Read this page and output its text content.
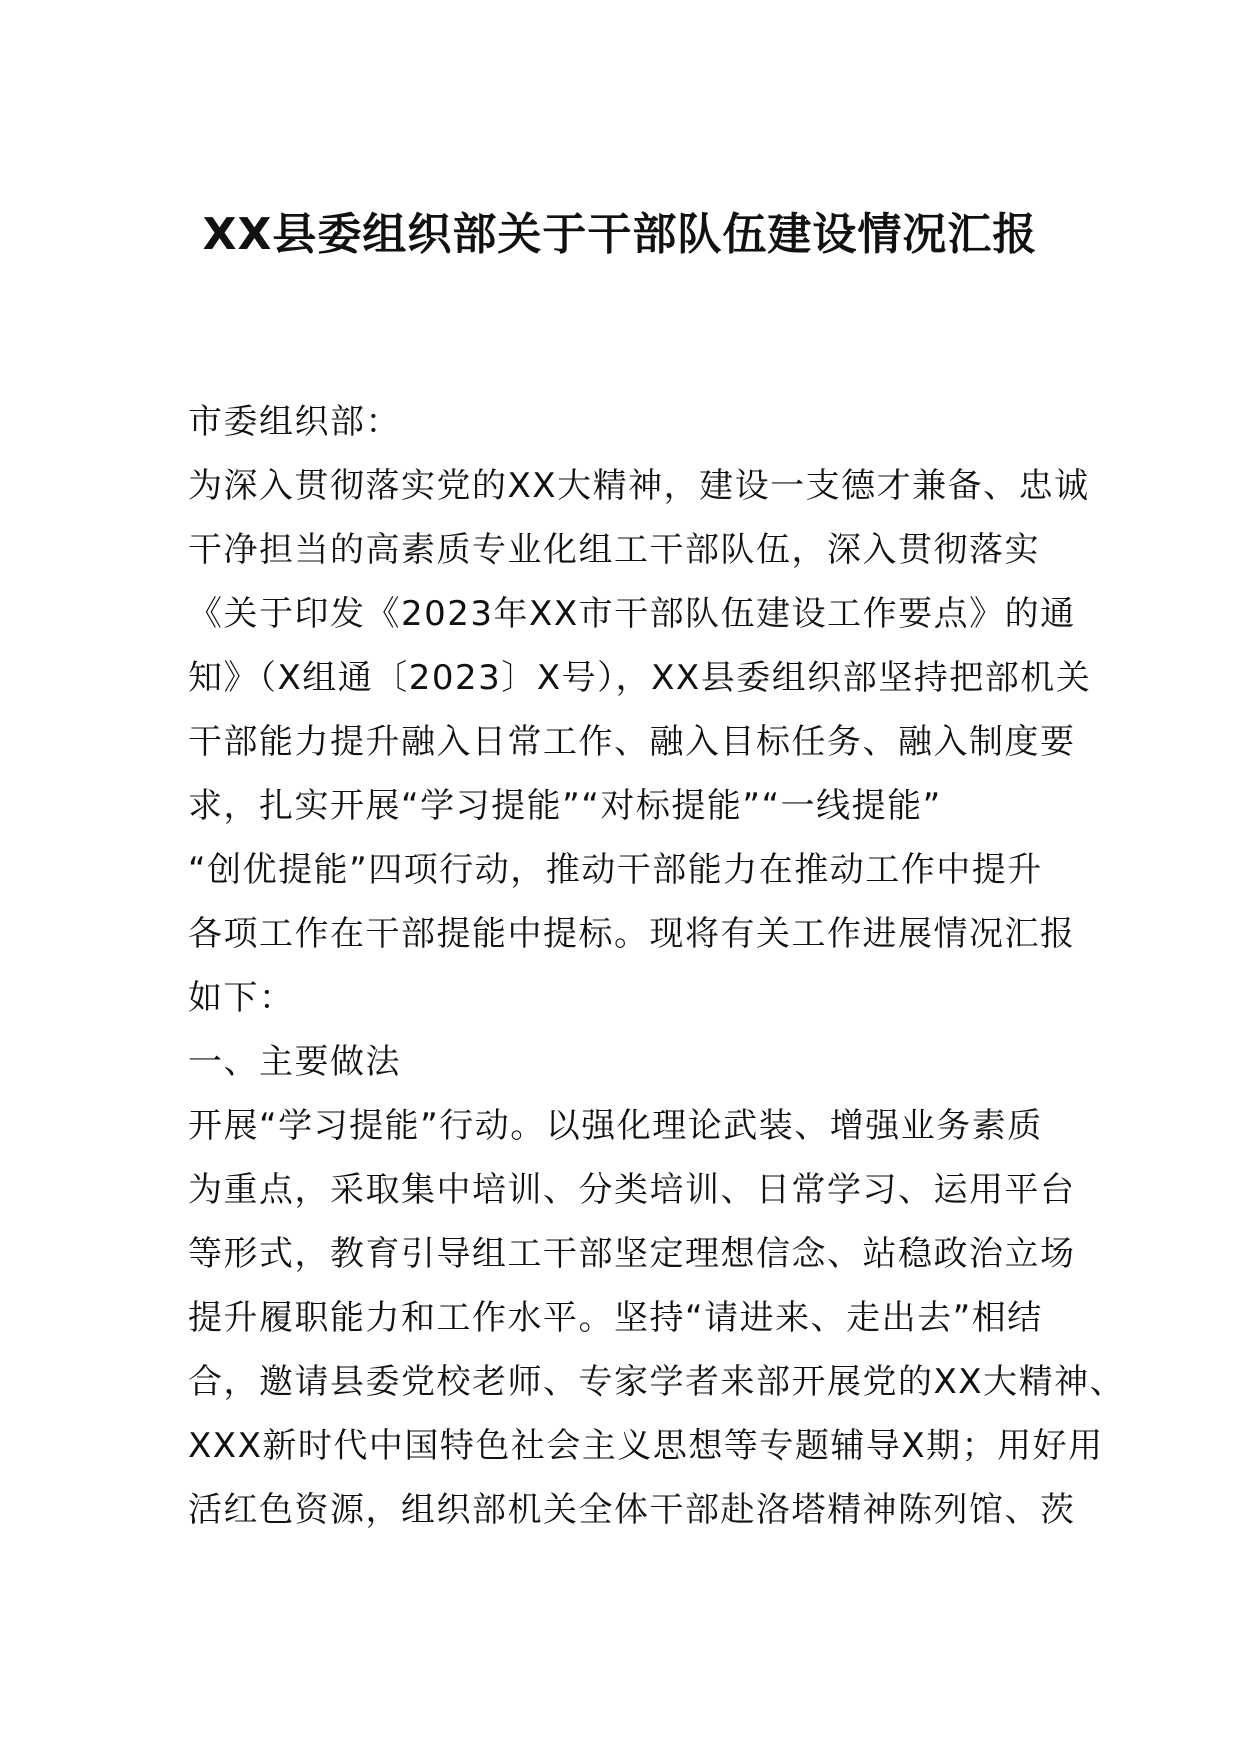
XX县委组织部关于干部队伍建设情况汇报
市委组织部：
为深入贯彻落实党的XX大精神，建设一支德才兼备、忠诚
干净担当的高素质专业化组工干部队伍，深入贯彻落实
《关于印发《2023年XX市干部队伍建设工作要点》的通
知》（X组通〔2023〕X号），XX县委组织部坚持把部机关
干部能力提升融入日常工作、融入目标任务、融入制度要
求，扎实开展“学习提能”“对标提能”“一线提能”
“创优提能”四项行动，推动干部能力在推动工作中提升
各项工作在干部提能中提标。现将有关工作进展情况汇报
如下：
一、主要做法
开展“学习提能”行动。以强化理论武装、增强业务素质
为重点，采取集中培训、分类培训、日常学习、运用平台
等形式，教育引导组工干部坚定理想信念、站稳政治立场
提升履职能力和工作水平。坚持“请进来、走出去”相结
合，邀请县委党校老师、专家学者来部开展党的XX大精神、
XXX新时代中国特色社会主义思想等专题辅导X期；用好用
活红色资源，组织部机关全体干部赴洛塔精神陈列馆、茨
